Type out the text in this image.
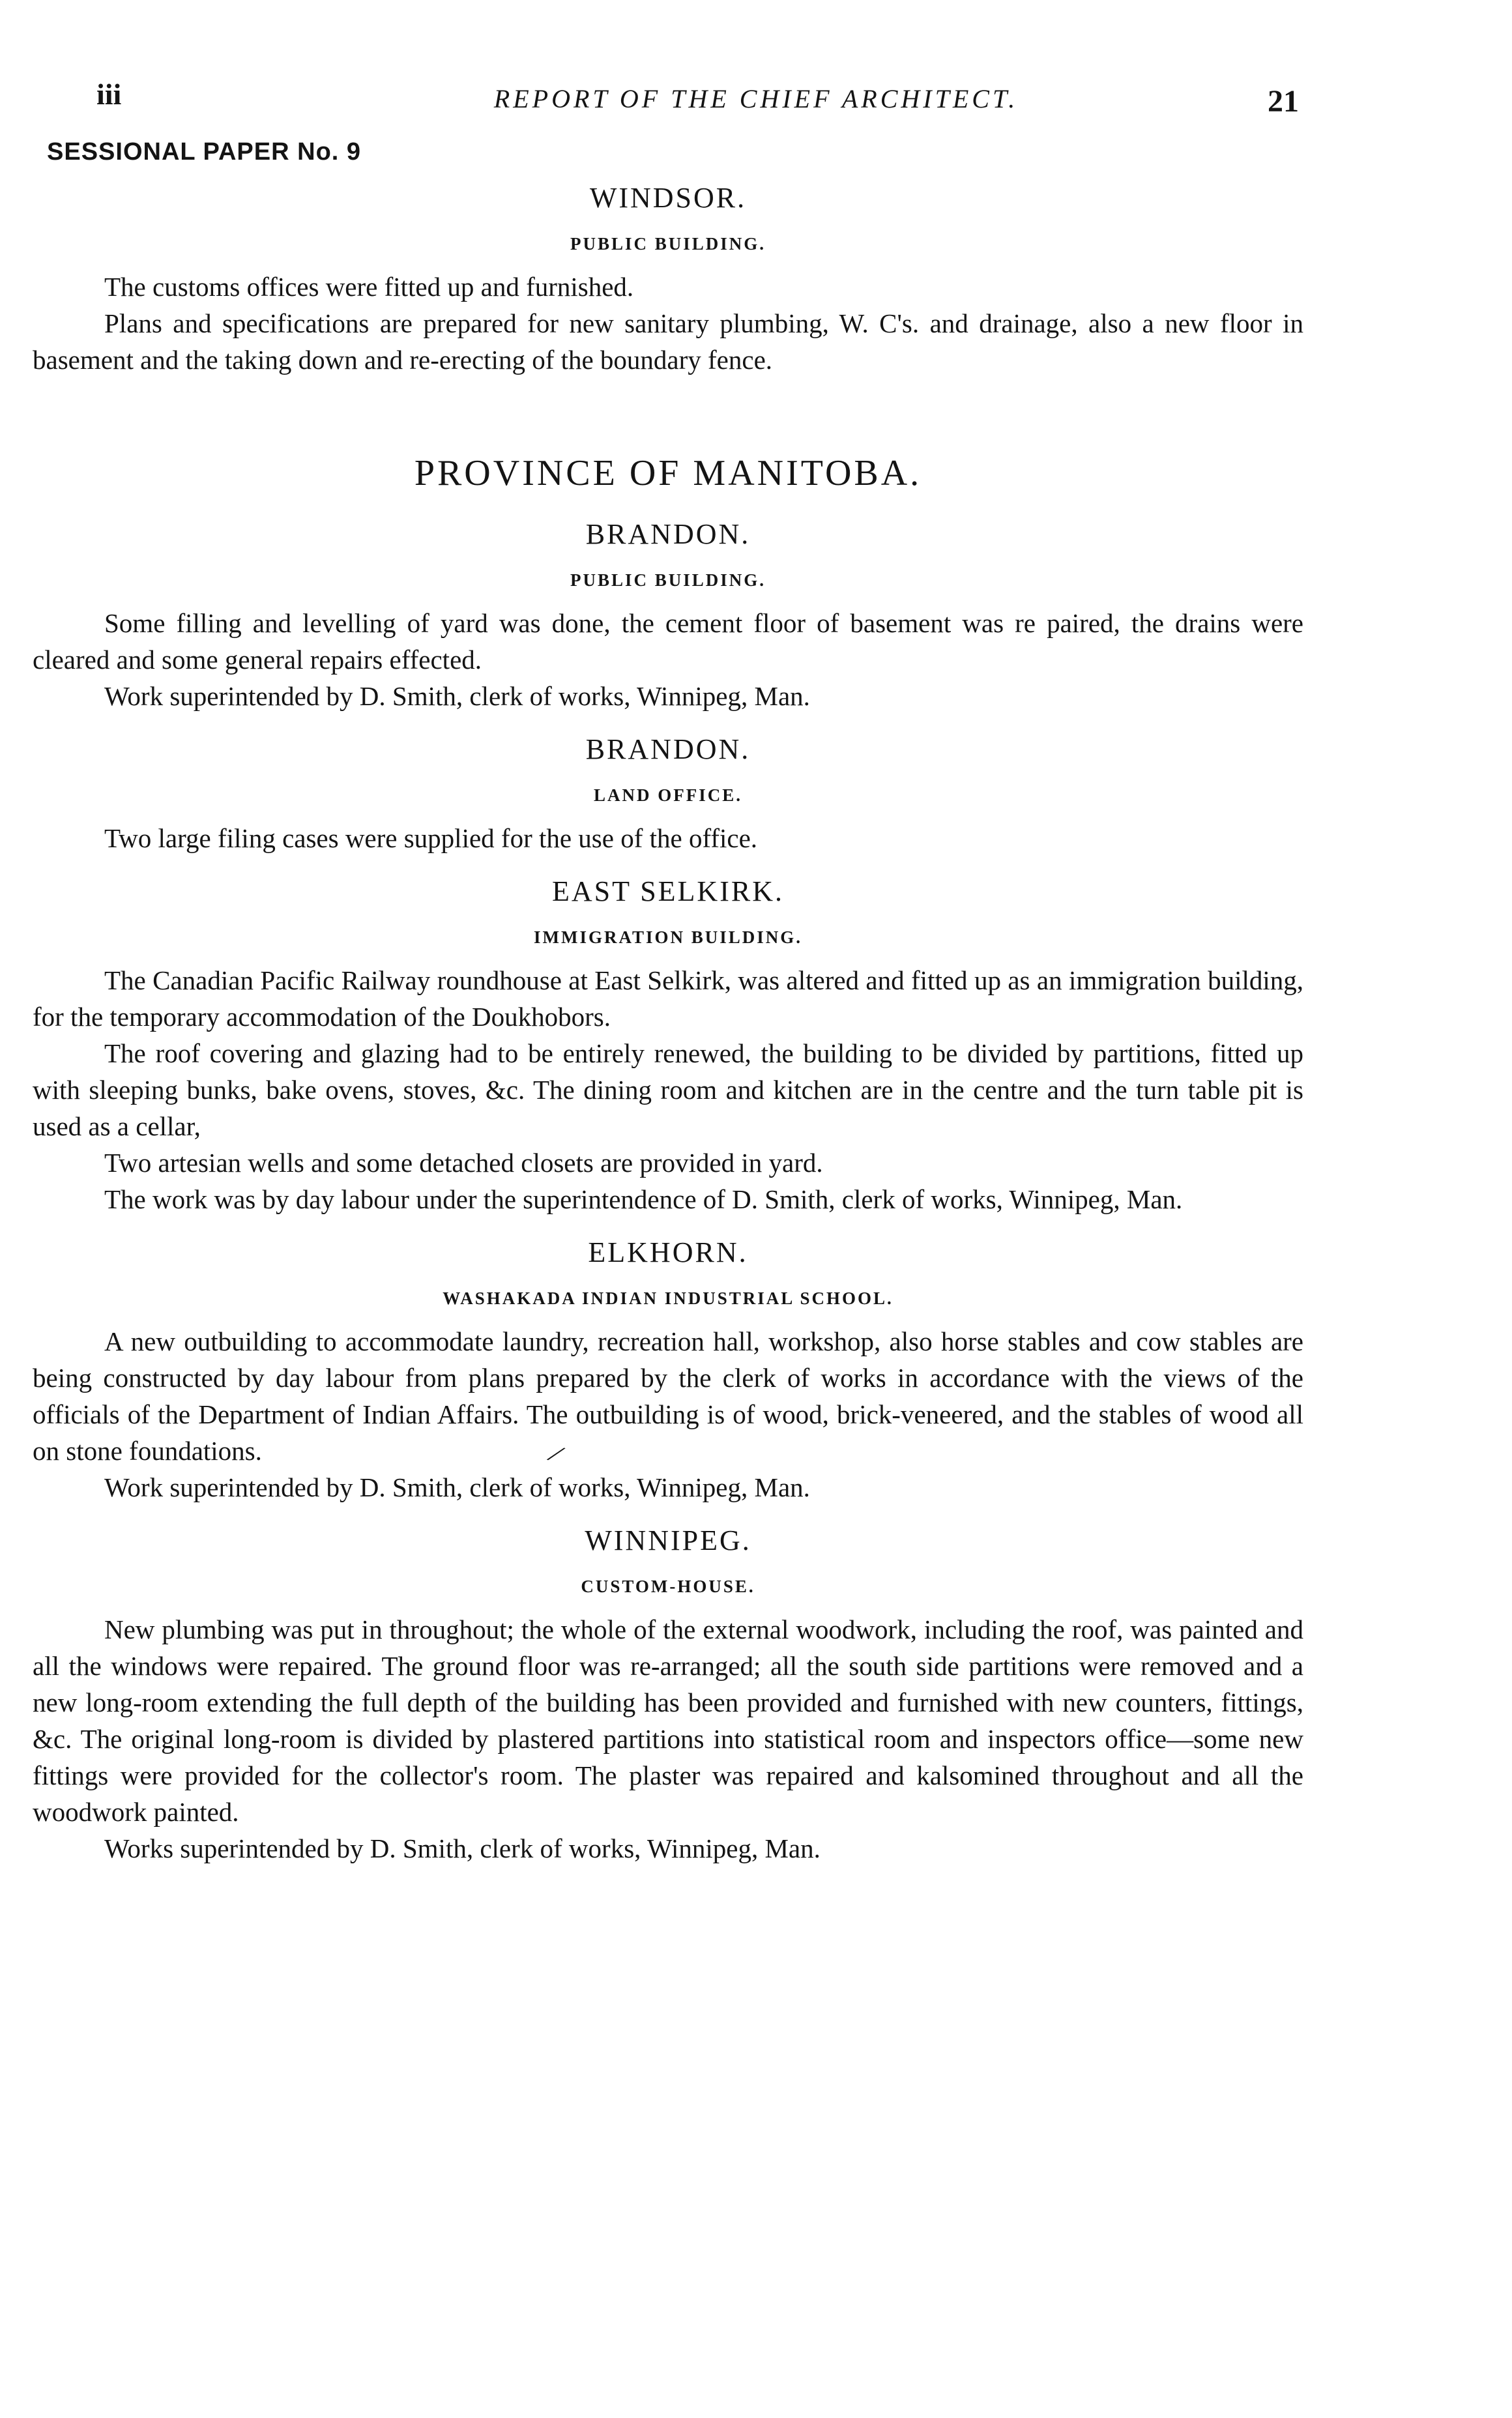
iii	REPORT OF THE CHIEF ARCHITECT.	21
SESSIONAL PAPER No. 9
WINDSOR.
PUBLIC BUILDING.

The customs offices were fitted up and furnished.

Plans and specifications are prepared for new sanitary plumbing, W. C's. and drainage, also a new floor in basement and the taking down and re-erecting of the boundary fence.

PROVINCE OF MANITOBA.
BRANDON.
PUBLIC BUILDING.

Some filling and levelling of yard was done, the cement floor of basement was re paired, the drains were cleared and some general repairs effected.

Work superintended by D. Smith, clerk of works, Winnipeg, Man.

BRANDON.
LAND OFFICE.

Two large filing cases were supplied for the use of the office.

EAST SELKIRK.
IMMIGRATION BUILDING.

The Canadian Pacific Railway roundhouse at East Selkirk, was altered and fitted up as an immigration building, for the temporary accommodation of the Doukhobors.

The roof covering and glazing had to be entirely renewed, the building to be divided by partitions, fitted up with sleeping bunks, bake ovens, stoves, &c. The dining room and kitchen are in the centre and the turn table pit is used as a cellar,

Two artesian wells and some detached closets are provided in yard.

The work was by day labour under the superintendence of D. Smith, clerk of works, Winnipeg, Man.

ELKHORN.
WASHAKADA INDIAN INDUSTRIAL SCHOOL.

A new outbuilding to accommodate laundry, recreation hall, workshop, also horse stables and cow stables are being constructed by day labour from plans prepared by the clerk of works in accordance with the views of the officials of the Department of Indian Affairs. The outbuilding is of wood, brick-veneered, and the stables of wood all on stone foundations.

Work superintended by D. Smith, clerk of works, Winnipeg, Man.

WINNIPEG.
CUSTOM-HOUSE.

New plumbing was put in throughout; the whole of the external woodwork, including the roof, was painted and all the windows were repaired. The ground floor was re-arranged; all the south side partitions were removed and a new long-room extending the full depth of the building has been provided and furnished with new counters, fittings, &c. The original long-room is divided by plastered partitions into statistical room and inspectors office—some new fittings were provided for the collector's room. The plaster was repaired and kalsomined throughout and all the woodwork painted.

Works superintended by D. Smith, clerk of works, Winnipeg, Man.

∕
